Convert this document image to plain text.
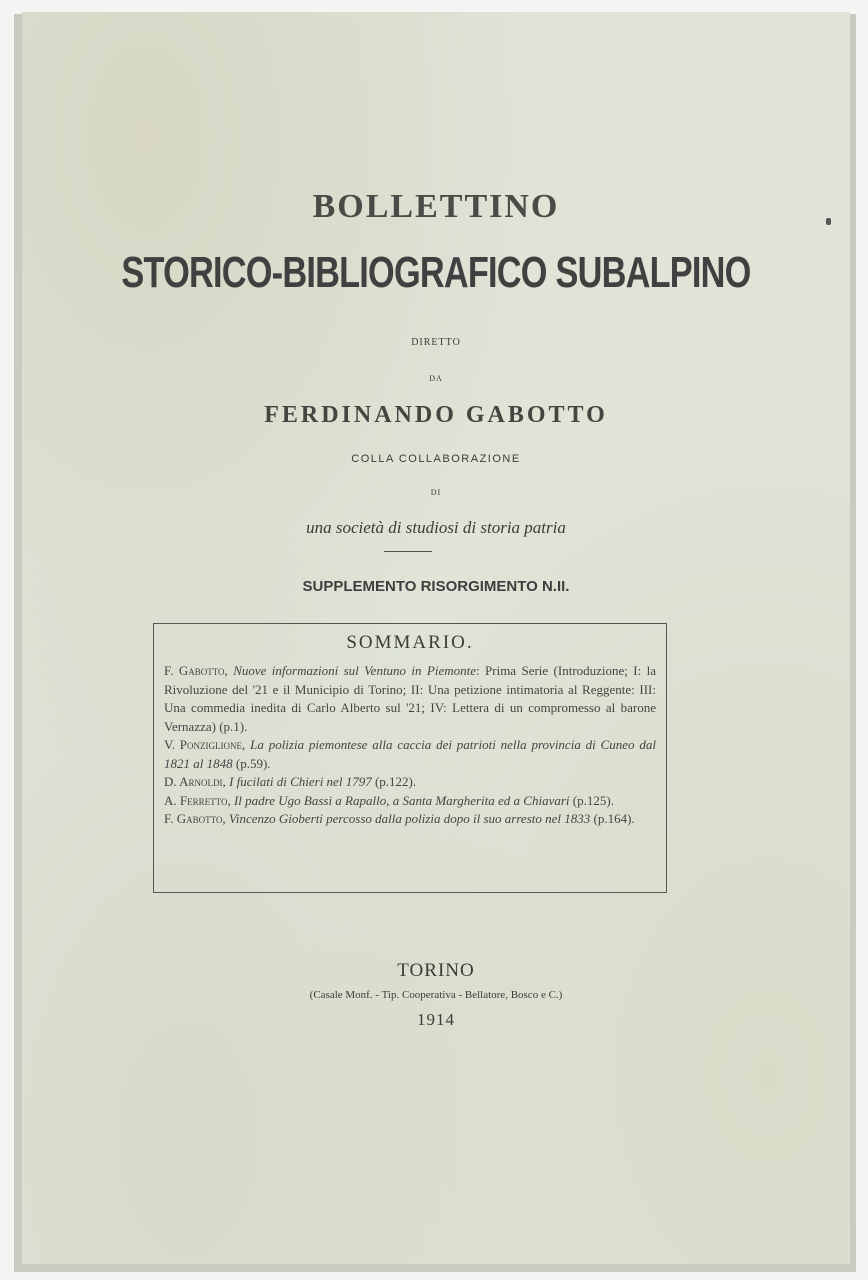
BOLLETTINO
STORICO-BIBLIOGRAFICO SUBALPINO
DIRETTO
DA
FERDINANDO GABOTTO
COLLA COLLABORAZIONE
DI
una società di studiosi di storia patria
SUPPLEMENTO RISORGIMENTO N.II.
SOMMARIO.
F. Gabotto, Nuove informazioni sul Ventuno in Piemonte: Prima Serie (Introduzione; I: la Rivoluzione del '21 e il Municipio di Torino; II: Una petizione intimatoria al Reggente: III: Una commedia inedita di Carlo Alberto sul '21; IV: Lettera di un compromesso al barone Vernazza) (p.1).
V. Ponziglione, La polizia piemontese alla caccia dei patrioti nella provincia di Cuneo dal 1821 al 1848 (p.59).
D. Arnoldi, I fucilati di Chieri nel 1797 (p.122).
A. Ferretto, Il padre Ugo Bassi a Rapallo, a Santa Margherita ed a Chiavari (p.125).
F. Gabotto, Vincenzo Gioberti percosso dalla polizia dopo il suo arresto nel 1833 (p.164).
TORINO
(Casale Monf. - Tip. Cooperativa - Bellatore, Bosco e C.)
1914
